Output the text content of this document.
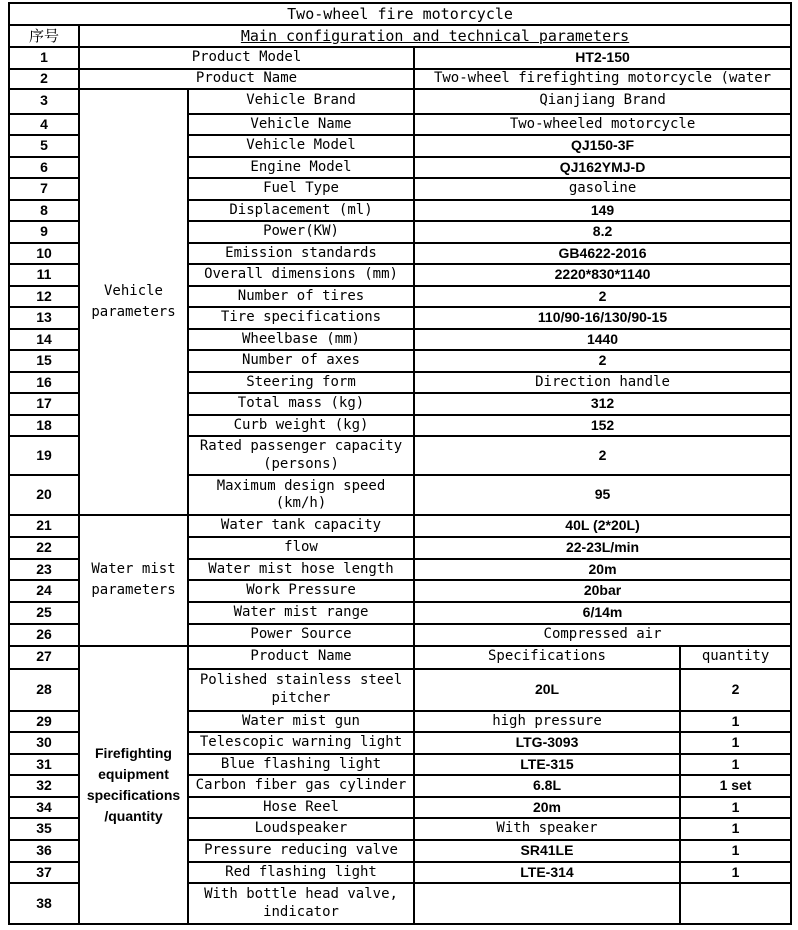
Two-wheel fire motorcycle				
序号	Main configuration and technical parameters			
1	Product Model		HT2-150	
2	Product Name		Two-wheel firefighting motorcycle (water	
3	Vehicle parameters	Vehicle Brand	Qianjiang Brand	
4		Vehicle Name	Two-wheeled motorcycle	
5		Vehicle Model	QJ150-3F	
6		Engine Model	QJ162YMJ-D	
7		Fuel Type	gasoline	
8		Displacement (ml)	149	
9		Power(KW)	8.2	
10		Emission standards	GB4622-2016	
11		Overall dimensions (mm)	2220*830*1140	
12		Number of tires	2	
13		Tire specifications	110/90-16/130/90-15	
14		Wheelbase (mm)	1440	
15		Number of axes	2	
16		Steering form	Direction handle	
17		Total mass (kg)	312	
18		Curb weight (kg)	152	
19		Rated passenger capacity (persons)	2	
20		Maximum design speed (km/h)	95	
21	Water mist parameters	Water tank capacity	40L (2*20L)	
22		flow	22-23L/min	
23		Water mist hose length	20m	
24		Work Pressure	20bar	
25		Water mist range	6/14m	
26		Power Source	Compressed air	
27	Firefighting equipment specifications /quantity	Product Name	Specifications	quantity
28		Polished stainless steel pitcher	20L	2
29		Water mist gun	high pressure	1
30		Telescopic warning light	LTG-3093	1
31		Blue flashing light	LTE-315	1
32		Carbon fiber gas cylinder	6.8L	1 set
34		Hose Reel	20m	1
35		Loudspeaker	With speaker	1
36		Pressure reducing valve	SR41LE	1
37		Red flashing light	LTE-314	1
38		With bottle head valve, indicator		
